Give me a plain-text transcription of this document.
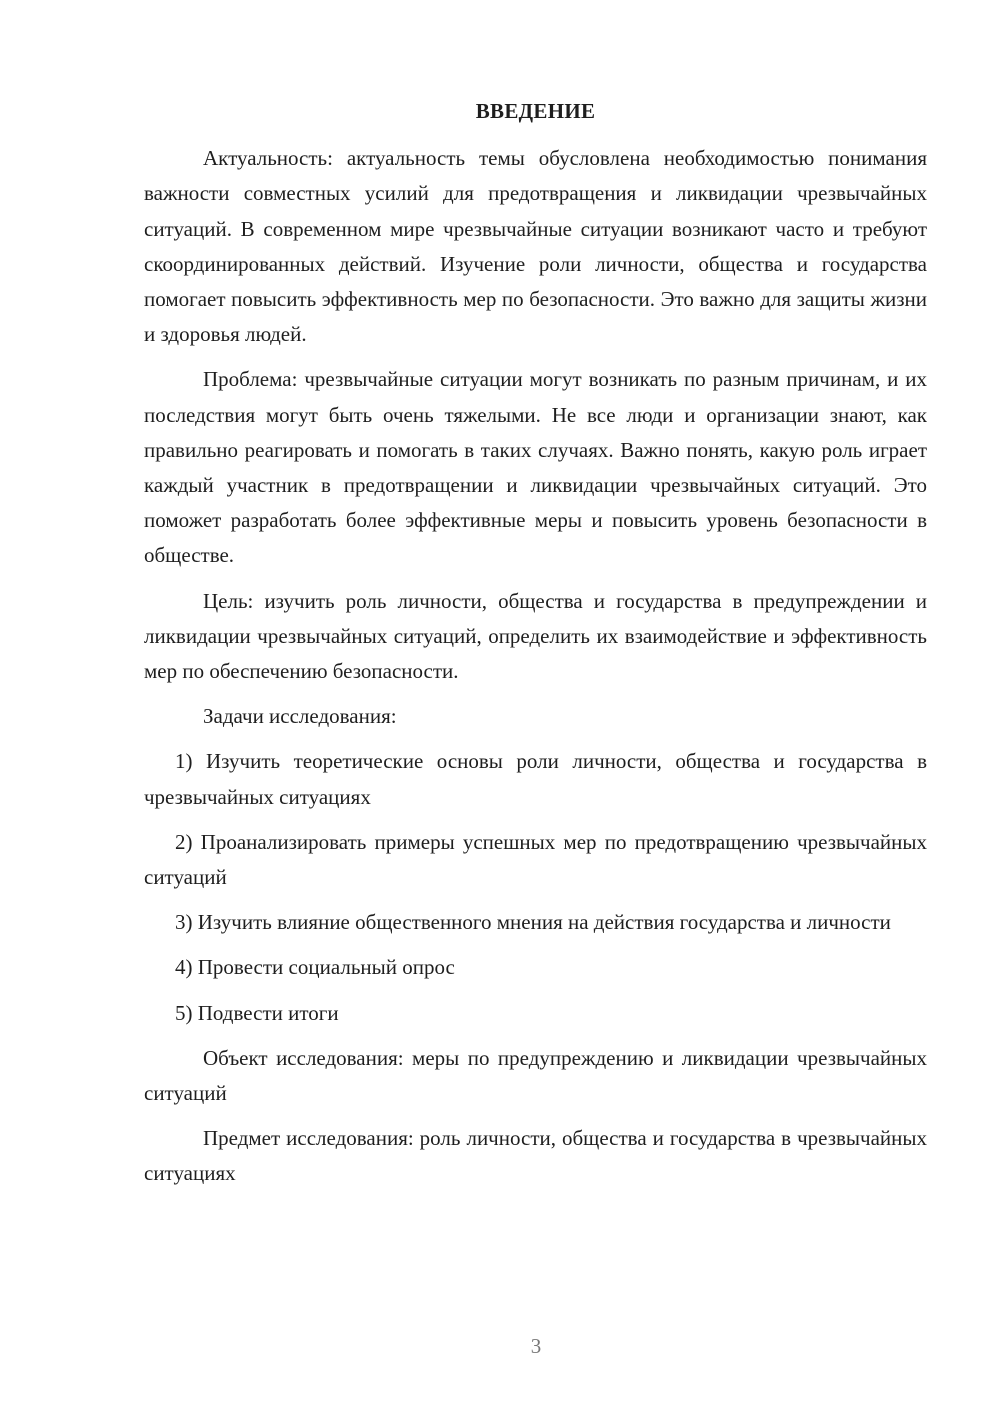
ВВЕДЕНИЕ

Актуальность: актуальность темы обусловлена необходимостью понимания важности совместных усилий для предотвращения и ликвидации чрезвычайных ситуаций. В современном мире чрезвычайные ситуации возникают часто и требуют скоординированных действий. Изучение роли личности, общества и государства помогает повысить эффективность мер по безопасности. Это важно для защиты жизни и здоровья людей.

Проблема: чрезвычайные ситуации могут возникать по разным причинам, и их последствия могут быть очень тяжелыми. Не все люди и организации знают, как правильно реагировать и помогать в таких случаях. Важно понять, какую роль играет каждый участник в предотвращении и ликвидации чрезвычайных ситуаций. Это поможет разработать более эффективные меры и повысить уровень безопасности в обществе.

Цель: изучить роль личности, общества и государства в предупреждении и ликвидации чрезвычайных ситуаций, определить их взаимодействие и эффективность мер по обеспечению безопасности.

Задачи исследования:

1) Изучить теоретические основы роли личности, общества и государства в чрезвычайных ситуациях

2) Проанализировать примеры успешных мер по предотвращению чрезвычайных ситуаций

3) Изучить влияние общественного мнения на действия государства и личности

4) Провести социальный опрос

5) Подвести итоги

Объект исследования: меры по предупреждению и ликвидации чрезвычайных ситуаций

Предмет исследования: роль личности, общества и государства в чрезвычайных ситуациях

3
